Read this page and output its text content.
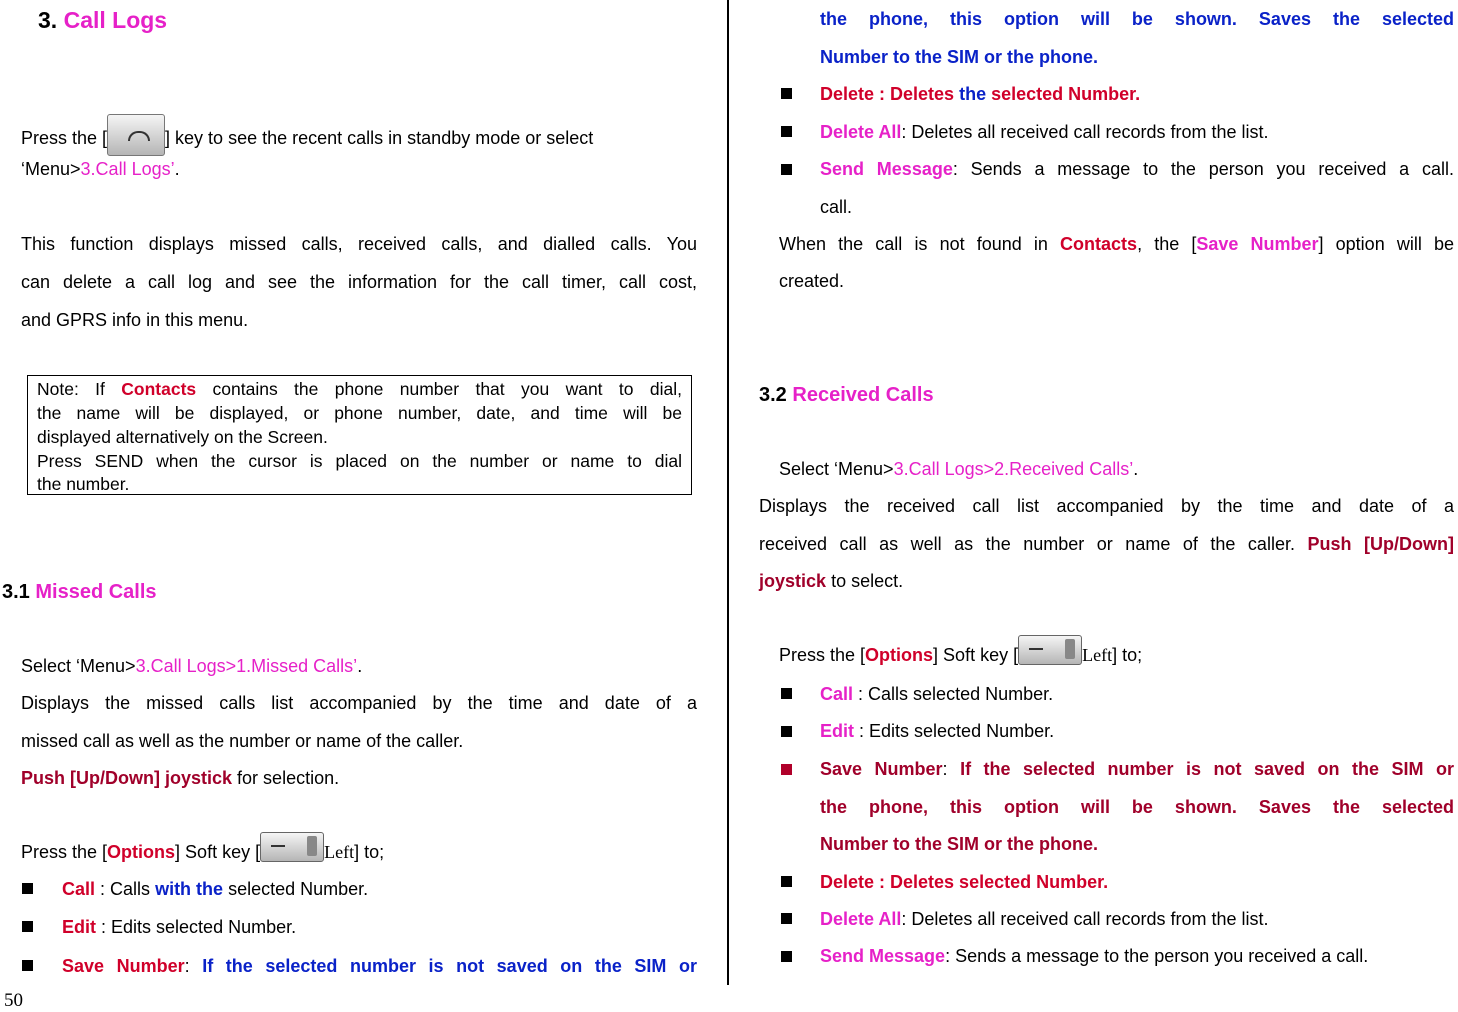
3. Call Logs
Press the [	] key to see the recent calls in standby mode or select
‘Menu>3.Call Logs’.
This function displays missed calls, received calls, and dialled calls. You
can delete a call log and see the information for the call timer, call cost,
and GPRS info in this menu.
Note: If Contacts contains the phone number that you want to dial,
the name will be displayed, or phone number, date, and time will be
displayed alternatively on the Screen.
Press SEND when the cursor is placed on the number or name to dial
the number.
3.1 Missed Calls
Select ‘Menu>3.Call Logs>1.Missed Calls’.
Displays the missed calls list accompanied by the time and date of a
missed call as well as the number or name of the caller.
Push [Up/Down] joystick for selection.
Press the [Options] Soft key [	Left] to;
Call : Calls with the selected Number.
Edit : Edits selected Number.
Save Number: If the selected number is not saved on the SIM or
50
the phone, this option will be shown. Saves the selected
Number to the SIM or the phone.
Delete : Deletes the selected Number.
Delete All: Deletes all received call records from the list.
Send Message: Sends a message to the person you received a call.
call.
When the call is not found in Contacts, the [Save Number] option will be
created.
3.2 Received Calls
Select ‘Menu>3.Call Logs>2.Received Calls’.
Displays the received call list accompanied by the time and date of a
received call as well as the number or name of the caller. Push [Up/Down]
joystick to select.
Press the [Options] Soft key [	Left] to;
Call : Calls selected Number.
Edit : Edits selected Number.
Save Number: If the selected number is not saved on the SIM or
the phone, this option will be shown. Saves the selected
Number to the SIM or the phone.
Delete : Deletes selected Number.
Delete All: Deletes all received call records from the list.
Send Message: Sends a message to the person you received a call.
